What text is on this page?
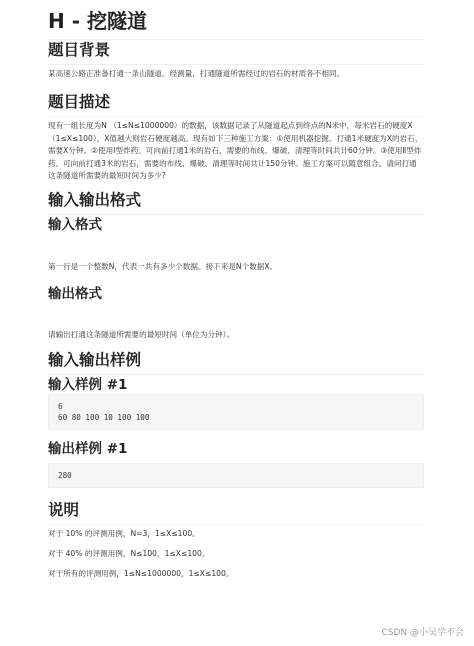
H - 挖隧道
题目背景

某高速公路正准备打通一条山隧道。经测量，打通隧道所需经过的岩石的材质各不相同。

题目描述

现有一组长度为N （1≤N≤1000000）的数据，该数据记录了从隧道起点到终点的N米中，每米岩石的硬度X（1≤X≤100），X值越大则岩石硬度越高。现有如下三种施工方案：①使用机器挖掘。打通1米硬度为X的岩石，需要X分钟。②使用Ⅰ型炸药。可向前打通1米的岩石，需要的布线、爆破、清理等时间共计60分钟。③使用Ⅱ型炸药。可向前打通3米的岩石，需要的布线、爆破、清理等时间共计150分钟。施工方案可以随意组合。请问打通这条隧道所需要的最短时间为多少?

输入输出格式
输入格式

第一行是一个整数N，代表一共有多少个数据。接下来是N个数据X。

输出格式

请输出打通这条隧道所需要的最短时间（单位为分钟）。

输入输出样例
输入样例 #1
6
60 80 100 10 100 100
输出样例 #1
280
说明

对于 10% 的评测用例，N=3，1≤X≤100。

对于 40% 的评测用例，N≤100，1≤X≤100。

对于所有的评测用例，1≤N≤1000000，1≤X≤100。

CSDN @小吴学不会
